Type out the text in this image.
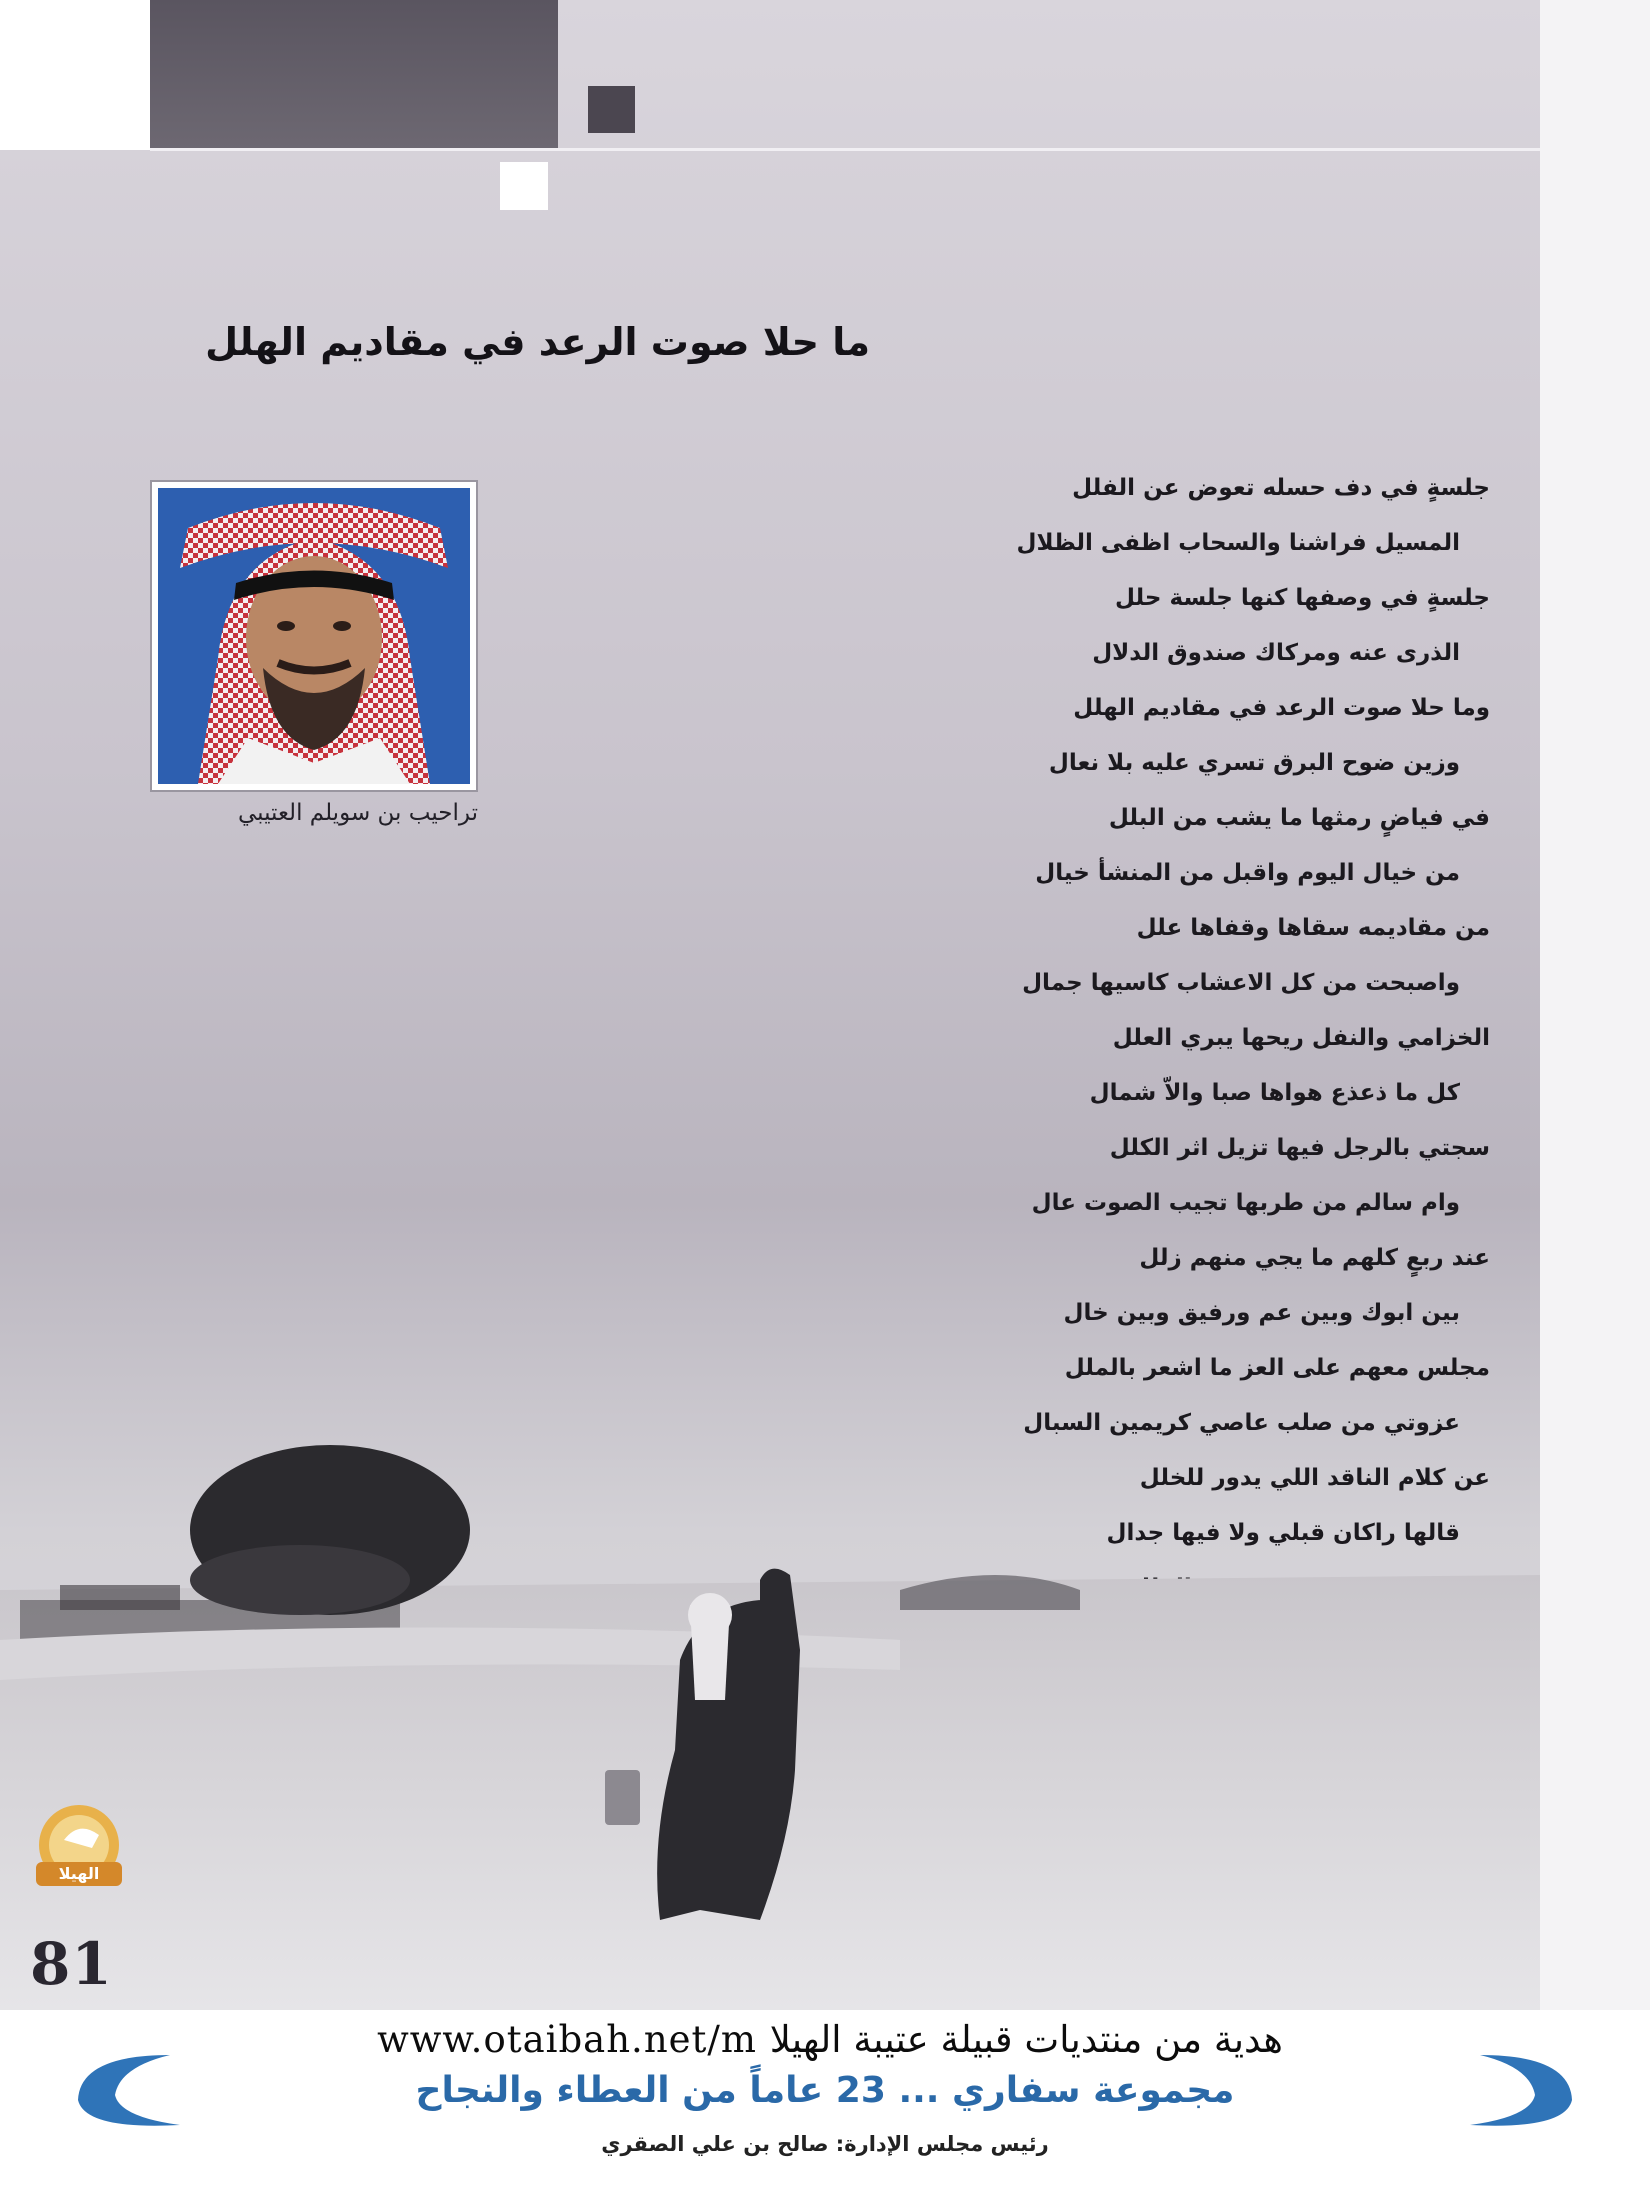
ما حلا صوت الرعد في مقاديم الهلل
تراحيب بن سويلم العتيبي
جلسةٍ في دف حسله تعوض عن الفلل
المسيل فراشنا والسحاب اظفى الظلال
جلسةٍ في وصفها كنها جلسة حلل
الذرى عنه ومركاك صندوق الدلال
وما حلا صوت الرعد في مقاديم الهلل
وزين ضوح البرق تسري عليه بلا نعال
في فياضٍ رمثها ما يشب من البلل
من خيال اليوم واقبل من المنشأ خيال
من مقاديمه سقاها وقفاها علل
واصبحت من كل الاعشاب كاسيها جمال
الخزامي والنفل ريحها يبري العلل
كل ما ذعذع هواها صبا والاّ شمال
سجتي بالرجل فيها تزيل اثر الكلل
وام سالم من طربها تجيب الصوت عال
عند ربعٍ كلهم ما يجي منهم زلل
بين ابوك وبين عم ورفيق وبين خال
مجلس معهم على العز ما اشعر بالملل
عزوتي من صلب عاصي كريمين السبال
عن كلام الناقد اللي يدور للخلل
قالها راكان قبلي ولا فيها جدال
الهيلا
81
www.otaibah.net/m هدية من منتديات قبيلة عتيبة الهيلا
مجموعة سفاري ... 23 عاماً من العطاء والنجاح
رئيس مجلس الإدارة: صالح بن علي الصقري
